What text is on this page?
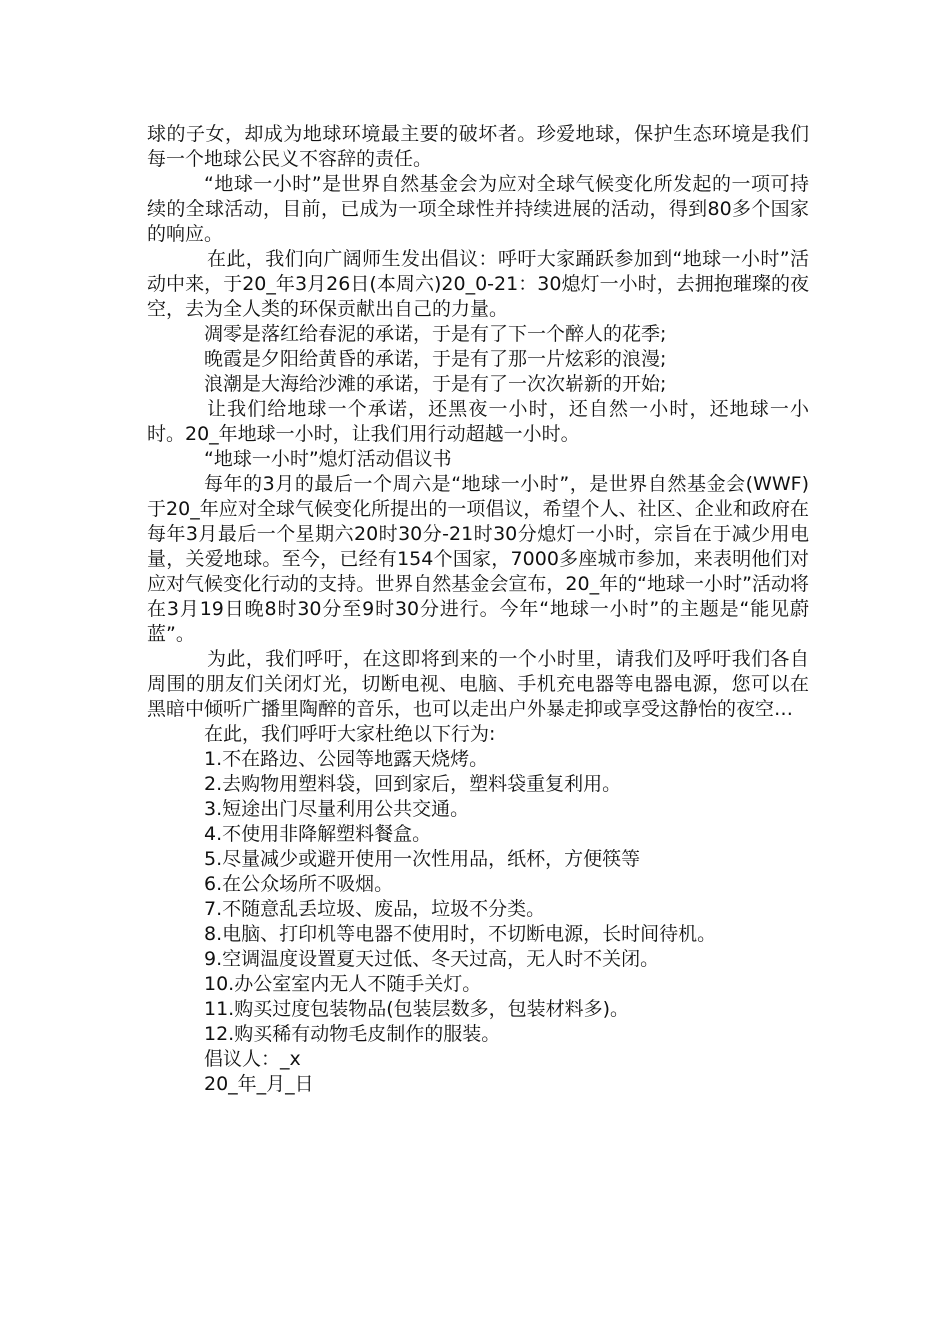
球的子女，却成为地球环境最主要的破坏者。珍爱地球，保护生态环境是我们每一个地球公民义不容辞的责任。

“地球一小时”是世界自然基金会为应对全球气候变化所发起的一项可持续的全球活动，目前，已成为一项全球性并持续进展的活动，得到80多个国家的响应。

在此，我们向广阔师生发出倡议：呼吁大家踊跃参加到“地球一小时”活动中来，于20_年3月26日(本周六)20_0-21：30熄灯一小时，去拥抱璀璨的夜空，去为全人类的环保贡献出自己的力量。

凋零是落红给春泥的承诺，于是有了下一个醉人的花季;
晚霞是夕阳给黄昏的承诺，于是有了那一片炫彩的浪漫;
浪潮是大海给沙滩的承诺，于是有了一次次崭新的开始;

让我们给地球一个承诺，还黑夜一小时，还自然一小时，还地球一小时。20_年地球一小时，让我们用行动超越一小时。

“地球一小时”熄灯活动倡议书

每年的3月的最后一个周六是“地球一小时”，是世界自然基金会(WWF)于20_年应对全球气候变化所提出的一项倡议，希望个人、社区、企业和政府在每年3月最后一个星期六20时30分-21时30分熄灯一小时，宗旨在于减少用电量，关爱地球。至今，已经有154个国家，7000多座城市参加，来表明他们对应对气候变化行动的支持。世界自然基金会宣布，20_年的“地球一小时”活动将在3月19日晚8时30分至9时30分进行。今年“地球一小时”的主题是“能见蔚蓝”。

为此，我们呼吁，在这即将到来的一个小时里，请我们及呼吁我们各自周围的朋友们关闭灯光，切断电视、电脑、手机充电器等电器电源，您可以在黑暗中倾听广播里陶醉的音乐，也可以走出户外暴走抑或享受这静怡的夜空…

在此，我们呼吁大家杜绝以下行为:
1.不在路边、公园等地露天烧烤。
2.去购物用塑料袋，回到家后，塑料袋重复利用。
3.短途出门尽量利用公共交通。
4.不使用非降解塑料餐盒。
5.尽量减少或避开使用一次性用品，纸杯，方便筷等
6.在公众场所不吸烟。
7.不随意乱丢垃圾、废品，垃圾不分类。
8.电脑、打印机等电器不使用时，不切断电源，长时间待机。
9.空调温度设置夏天过低、冬天过高，无人时不关闭。
10.办公室室内无人不随手关灯。
11.购买过度包装物品(包装层数多，包装材料多)。
12.购买稀有动物毛皮制作的服装。
倡议人：_x
20_年_月_日
